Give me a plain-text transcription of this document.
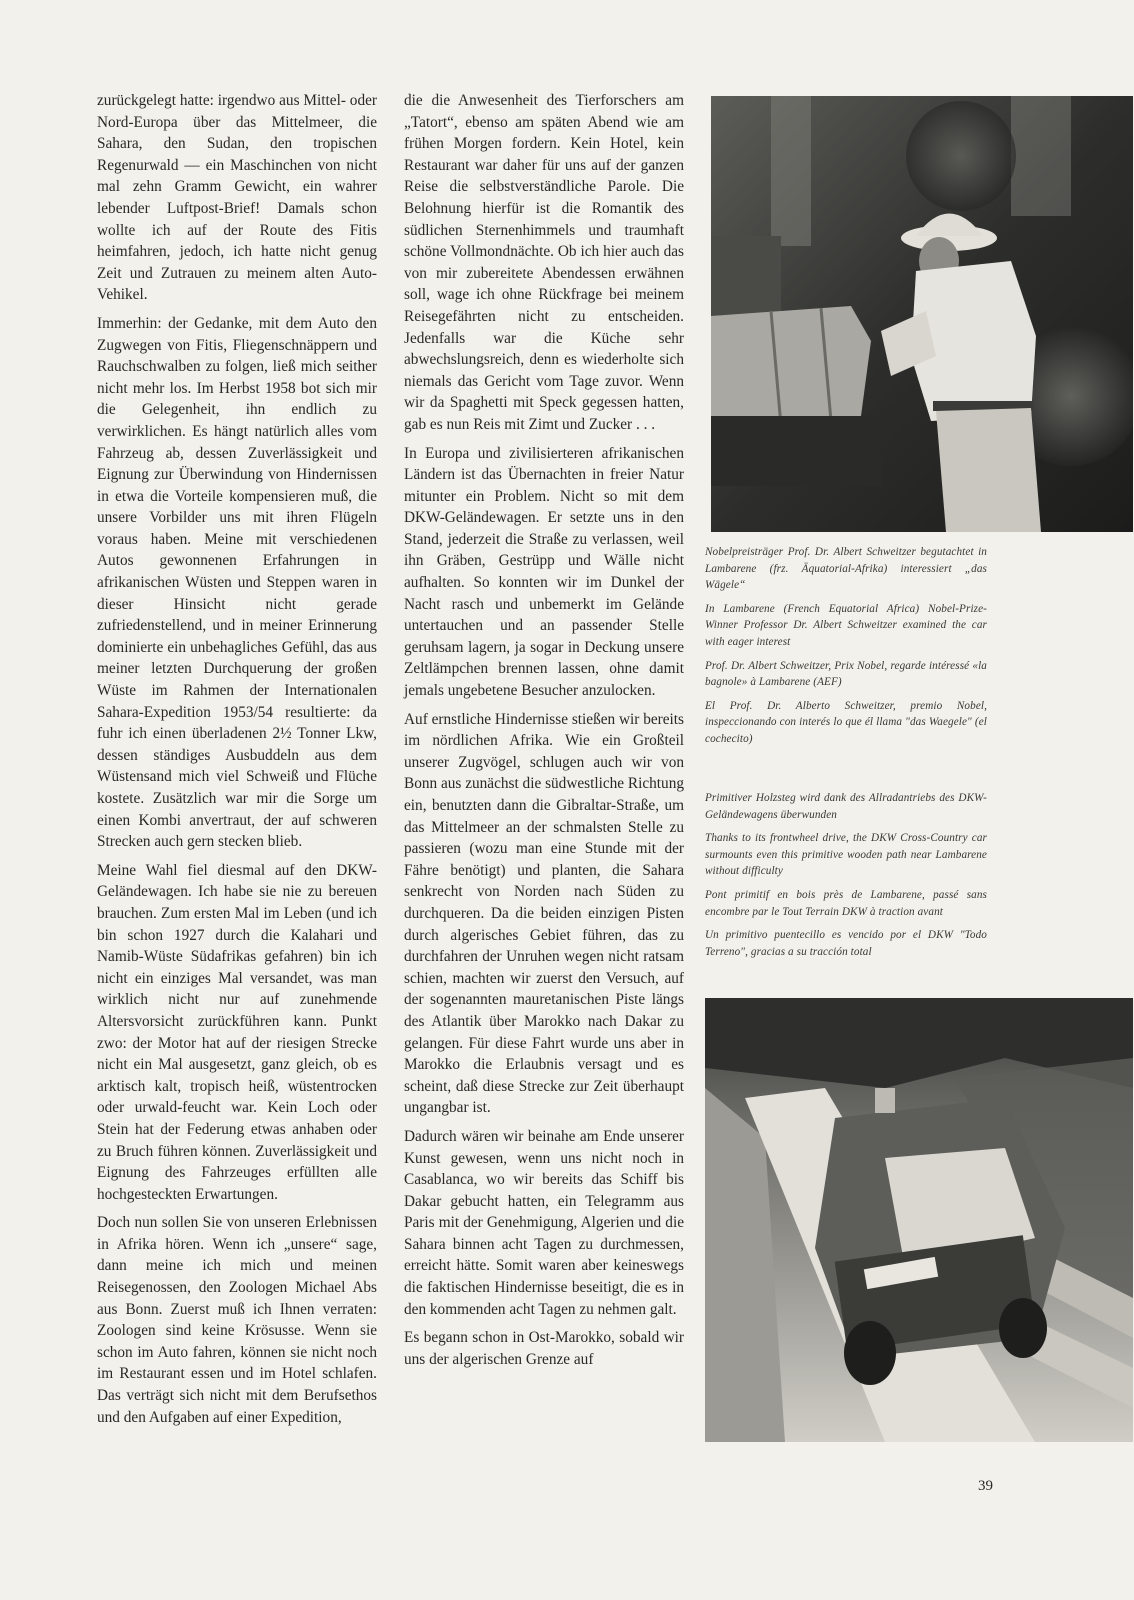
zurückgelegt hatte: irgendwo aus Mittel- oder Nord-Europa über das Mittelmeer, die Sahara, den Sudan, den tropischen Regenurwald — ein Maschinchen von nicht mal zehn Gramm Gewicht, ein wahrer lebender Luftpost-Brief! Damals schon wollte ich auf der Route des Fitis heimfahren, jedoch, ich hatte nicht genug Zeit und Zutrauen zu meinem alten Auto-Vehikel.

Immerhin: der Gedanke, mit dem Auto den Zugwegen von Fitis, Fliegenschnäppern und Rauchschwalben zu folgen, ließ mich seither nicht mehr los. Im Herbst 1958 bot sich mir die Gelegenheit, ihn endlich zu verwirklichen. Es hängt natürlich alles vom Fahrzeug ab, dessen Zuverlässigkeit und Eignung zur Überwindung von Hindernissen in etwa die Vorteile kompensieren muß, die unsere Vorbilder uns mit ihren Flügeln voraus haben. Meine mit verschiedenen Autos gewonnenen Erfahrungen in afrikanischen Wüsten und Steppen waren in dieser Hinsicht nicht gerade zufriedenstellend, und in meiner Erinnerung dominierte ein unbehagliches Gefühl, das aus meiner letzten Durchquerung der großen Wüste im Rahmen der Internationalen Sahara-Expedition 1953/54 resultierte: da fuhr ich einen überladenen 2½ Tonner Lkw, dessen ständiges Ausbuddeln aus dem Wüstensand mich viel Schweiß und Flüche kostete. Zusätzlich war mir die Sorge um einen Kombi anvertraut, der auf schweren Strecken auch gern stecken blieb.

Meine Wahl fiel diesmal auf den DKW-Geländewagen. Ich habe sie nie zu bereuen brauchen. Zum ersten Mal im Leben (und ich bin schon 1927 durch die Kalahari und Namib-Wüste Südafrikas gefahren) bin ich nicht ein einziges Mal versandet, was man wirklich nicht nur auf zunehmende Altersvorsicht zurückführen kann. Punkt zwo: der Motor hat auf der riesigen Strecke nicht ein Mal ausgesetzt, ganz gleich, ob es arktisch kalt, tropisch heiß, wüstentrocken oder urwald-feucht war. Kein Loch oder Stein hat der Federung etwas anhaben oder zu Bruch führen können. Zuverlässigkeit und Eignung des Fahrzeuges erfüllten alle hochgesteckten Erwartungen.

Doch nun sollen Sie von unseren Erlebnissen in Afrika hören. Wenn ich „unsere“ sage, dann meine ich mich und meinen Reisegenossen, den Zoologen Michael Abs aus Bonn. Zuerst muß ich Ihnen verraten: Zoologen sind keine Krösusse. Wenn sie schon im Auto fahren, können sie nicht noch im Restaurant essen und im Hotel schlafen. Das verträgt sich nicht mit dem Berufsethos und den Aufgaben auf einer Expedition,

die die Anwesenheit des Tierforschers am „Tatort“, ebenso am späten Abend wie am frühen Morgen fordern. Kein Hotel, kein Restaurant war daher für uns auf der ganzen Reise die selbstverständliche Parole. Die Belohnung hierfür ist die Romantik des südlichen Sternenhimmels und traumhaft schöne Vollmondnächte. Ob ich hier auch das von mir zubereitete Abendessen erwähnen soll, wage ich ohne Rückfrage bei meinem Reisegefährten nicht zu entscheiden. Jedenfalls war die Küche sehr abwechslungsreich, denn es wiederholte sich niemals das Gericht vom Tage zuvor. Wenn wir da Spaghetti mit Speck gegessen hatten, gab es nun Reis mit Zimt und Zucker . . .

In Europa und zivilisierteren afrikanischen Ländern ist das Übernachten in freier Natur mitunter ein Problem. Nicht so mit dem DKW-Geländewagen. Er setzte uns in den Stand, jederzeit die Straße zu verlassen, weil ihn Gräben, Gestrüpp und Wälle nicht aufhalten. So konnten wir im Dunkel der Nacht rasch und unbemerkt im Gelände untertauchen und an passender Stelle geruhsam lagern, ja sogar in Deckung unsere Zeltlämpchen brennen lassen, ohne damit jemals ungebetene Besucher anzulocken.

Auf ernstliche Hindernisse stießen wir bereits im nördlichen Afrika. Wie ein Großteil unserer Zugvögel, schlugen auch wir von Bonn aus zunächst die südwestliche Richtung ein, benutzten dann die Gibraltar-Straße, um das Mittelmeer an der schmalsten Stelle zu passieren (wozu man eine Stunde mit der Fähre benötigt) und planten, die Sahara senkrecht von Norden nach Süden zu durchqueren. Da die beiden einzigen Pisten durch algerisches Gebiet führen, das zu durchfahren der Unruhen wegen nicht ratsam schien, machten wir zuerst den Versuch, auf der sogenannten mauretanischen Piste längs des Atlantik über Marokko nach Dakar zu gelangen. Für diese Fahrt wurde uns aber in Marokko die Erlaubnis versagt und es scheint, daß diese Strecke zur Zeit überhaupt ungangbar ist.

Dadurch wären wir beinahe am Ende unserer Kunst gewesen, wenn uns nicht noch in Casablanca, wo wir bereits das Schiff bis Dakar gebucht hatten, ein Telegramm aus Paris mit der Genehmigung, Algerien und die Sahara binnen acht Tagen zu durchmessen, erreicht hätte. Somit waren aber keineswegs die faktischen Hindernisse beseitigt, die es in den kommenden acht Tagen zu nehmen galt.

Es begann schon in Ost-Marokko, sobald wir uns der algerischen Grenze auf

Nobelpreisträger Prof. Dr. Albert Schweitzer begutachtet in Lambarene (frz. Äquatorial-Afrika) interessiert „das Wägele“

In Lambarene (French Equatorial Africa) Nobel-Prize-Winner Professor Dr. Albert Schweitzer examined the car with eager interest

Prof. Dr. Albert Schweitzer, Prix Nobel, regarde intéressé «la bagnole» à Lambarene (AEF)

El Prof. Dr. Alberto Schweitzer, premio Nobel, inspeccionando con interés lo que él llama "das Waegele" (el cochecito)

Primitiver Holzsteg wird dank des Allradantriebs des DKW-Geländewagens überwunden

Thanks to its frontwheel drive, the DKW Cross-Country car surmounts even this primitive wooden path near Lambarene without difficulty

Pont primitif en bois près de Lambarene, passé sans encombre par le Tout Terrain DKW à traction avant

Un primitivo puentecillo es vencido por el DKW "Todo Terreno", gracias a su tracción total

39
